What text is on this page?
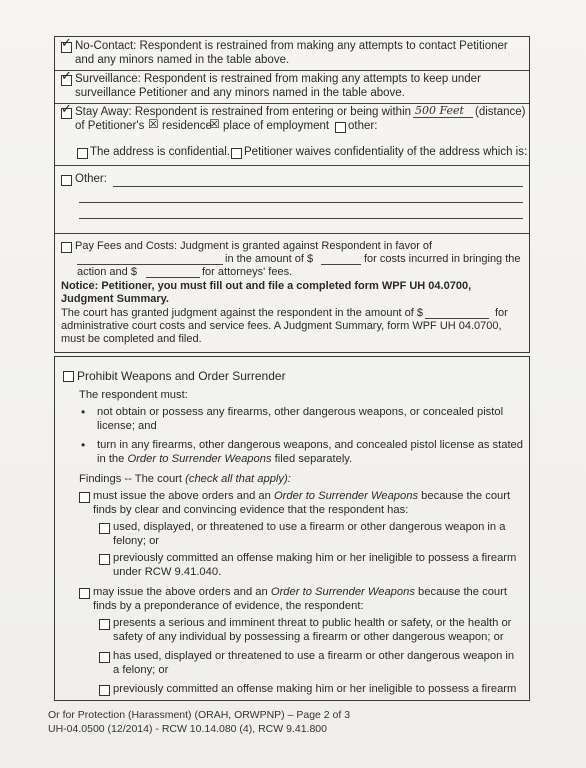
✓
No-Contact: Respondent is restrained from making any attempts to contact Petitioner
and any minors named in the table above.
✓
Surveillance: Respondent is restrained from making any attempts to keep under
surveillance Petitioner and any minors named in the table above.
✓
Stay Away: Respondent is restrained from entering or being within 500 Feet (distance)
of Petitioner's ☒ residence
☒ place of employment other:
The address is confidential. Petitioner waives confidentiality of the address which is:
Other:
Pay Fees and Costs: Judgment is granted against Respondent in favor of
in the amount of $	for costs incurred in bringing the
action and $	for attorneys' fees.
Notice: Petitioner, you must fill out and file a completed form WPF UH 04.0700,
Judgment Summary.
The court has granted judgment against the respondent in the amount of $	for
administrative court costs and service fees. A Judgment Summary, form WPF UH 04.0700,
must be completed and filed.
Prohibit Weapons and Order Surrender
The respondent must:
• not obtain or possess any firearms, other dangerous weapons, or concealed pistol
license; and
• turn in any firearms, other dangerous weapons, and concealed pistol license as stated
in the Order to Surrender Weapons filed separately.
Findings -- The court (check all that apply):
must issue the above orders and an Order to Surrender Weapons because the court
finds by clear and convincing evidence that the respondent has:
used, displayed, or threatened to use a firearm or other dangerous weapon in a
felony; or
previously committed an offense making him or her ineligible to possess a firearm
under RCW 9.41.040.
may issue the above orders and an Order to Surrender Weapons because the court
finds by a preponderance of evidence, the respondent:
presents a serious and imminent threat to public health or safety, or the health or
safety of any individual by possessing a firearm or other dangerous weapon; or
has used, displayed or threatened to use a firearm or other dangerous weapon in
a felony; or
previously committed an offense making him or her ineligible to possess a firearm
Or for Protection (Harassment) (ORAH, ORWPNP) – Page 2 of 3
UH-04.0500 (12/2014) - RCW 10.14.080 (4), RCW 9.41.800
